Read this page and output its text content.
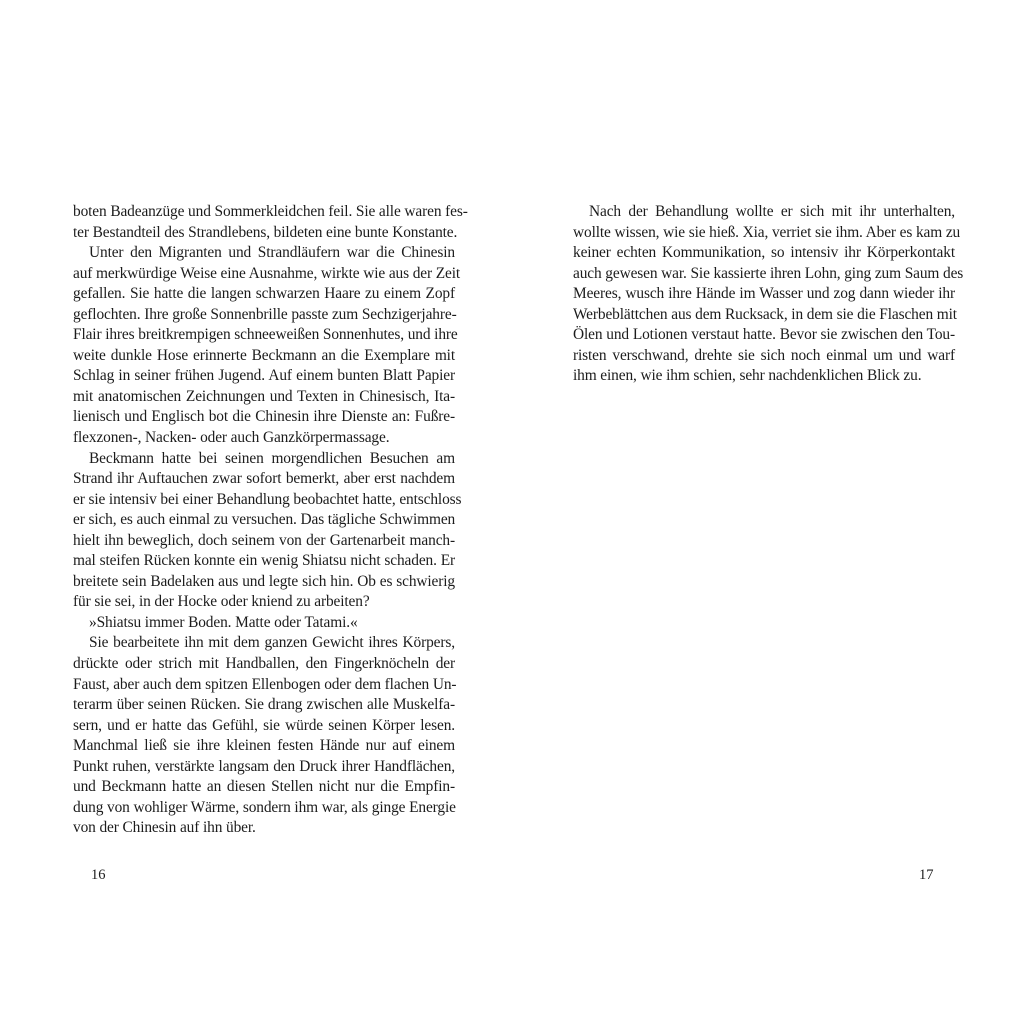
boten Badeanzüge und Sommerkleidchen feil. Sie alle waren fes-
ter Bestandteil des Strandlebens, bildeten eine bunte Konstante.
Unter den Migranten und Strandläufern war die Chinesin
auf merkwürdige Weise eine Ausnahme, wirkte wie aus der Zeit
gefallen. Sie hatte die langen schwarzen Haare zu einem Zopf
geflochten. Ihre große Sonnenbrille passte zum Sechzigerjahre-
Flair ihres breitkrempigen schneeweißen Sonnenhutes, und ihre
weite dunkle Hose erinnerte Beckmann an die Exemplare mit
Schlag in seiner frühen Jugend. Auf einem bunten Blatt Papier
mit anatomischen Zeichnungen und Texten in Chinesisch, Ita-
lienisch und Englisch bot die Chinesin ihre Dienste an: Fußre-
flexzonen-, Nacken- oder auch Ganzkörpermassage.
Beckmann hatte bei seinen morgendlichen Besuchen am
Strand ihr Auftauchen zwar sofort bemerkt, aber erst nachdem
er sie intensiv bei einer Behandlung beobachtet hatte, entschloss
er sich, es auch einmal zu versuchen. Das tägliche Schwimmen
hielt ihn beweglich, doch seinem von der Gartenarbeit manch-
mal steifen Rücken konnte ein wenig Shiatsu nicht schaden. Er
breitete sein Badelaken aus und legte sich hin. Ob es schwierig
für sie sei, in der Hocke oder kniend zu arbeiten?
»Shiatsu immer Boden. Matte oder Tatami.«
Sie bearbeitete ihn mit dem ganzen Gewicht ihres Körpers,
drückte oder strich mit Handballen, den Fingerknöcheln der
Faust, aber auch dem spitzen Ellenbogen oder dem flachen Un-
terarm über seinen Rücken. Sie drang zwischen alle Muskelfa-
sern, und er hatte das Gefühl, sie würde seinen Körper lesen.
Manchmal ließ sie ihre kleinen festen Hände nur auf einem
Punkt ruhen, verstärkte langsam den Druck ihrer Handflächen,
und Beckmann hatte an diesen Stellen nicht nur die Empfin-
dung von wohliger Wärme, sondern ihm war, als ginge Energie
von der Chinesin auf ihn über.
Nach der Behandlung wollte er sich mit ihr unterhalten,
wollte wissen, wie sie hieß. Xia, verriet sie ihm. Aber es kam zu
keiner echten Kommunikation, so intensiv ihr Körperkontakt
auch gewesen war. Sie kassierte ihren Lohn, ging zum Saum des
Meeres, wusch ihre Hände im Wasser und zog dann wieder ihr
Werbeblättchen aus dem Rucksack, in dem sie die Flaschen mit
Ölen und Lotionen verstaut hatte. Bevor sie zwischen den Tou-
risten verschwand, drehte sie sich noch einmal um und warf
ihm einen, wie ihm schien, sehr nachdenklichen Blick zu.
16	17
